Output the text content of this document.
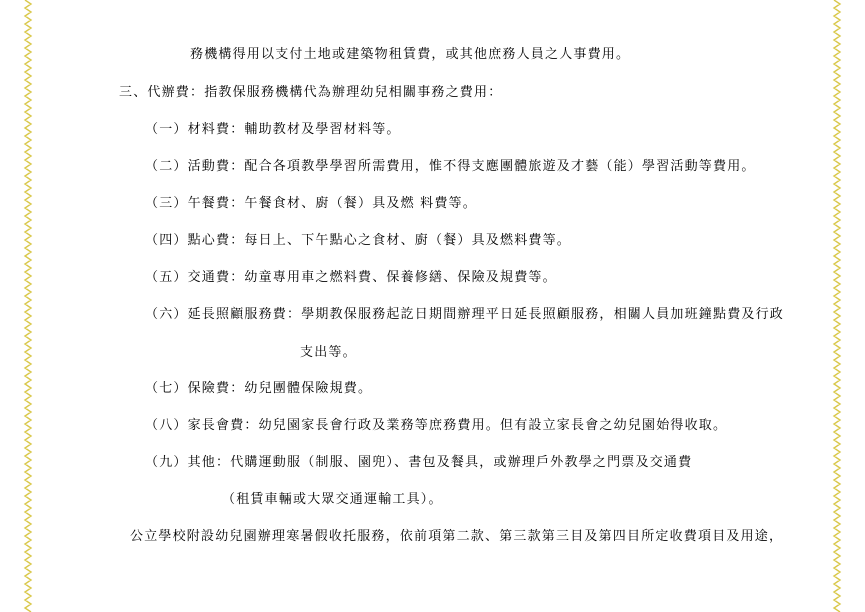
務機構得用以支付土地或建築物租賃費，或其他庶務人員之人事費用。
三、代辦費：指教保服務機構代為辦理幼兒相關事務之費用：
（一）材料費：輔助教材及學習材料等。
（二）活動費：配合各項教學學習所需費用，惟不得支應團體旅遊及才藝（能）學習活動等費用。
（三）午餐費：午餐食材、廚（餐）具及燃 料費等。
（四）點心費：每日上、下午點心之食材、廚（餐）具及燃料費等。
（五）交通費：幼童專用車之燃料費、保養修繕、保險及規費等。
（六）延長照顧服務費：學期教保服務起訖日期間辦理平日延長照顧服務，相關人員加班鐘點費及行政
支出等。
（七）保險費：幼兒團體保險規費。
（八）家長會費：幼兒園家長會行政及業務等庶務費用。但有設立家長會之幼兒園始得收取。
（九）其他：代購運動服（制服、園兜）、書包及餐具，或辦理戶外教學之門票及交通費
（租賃車輛或大眾交通運輸工具）。
公立學校附設幼兒園辦理寒暑假收托服務，依前項第二款、第三款第三目及第四目所定收費項目及用途，
